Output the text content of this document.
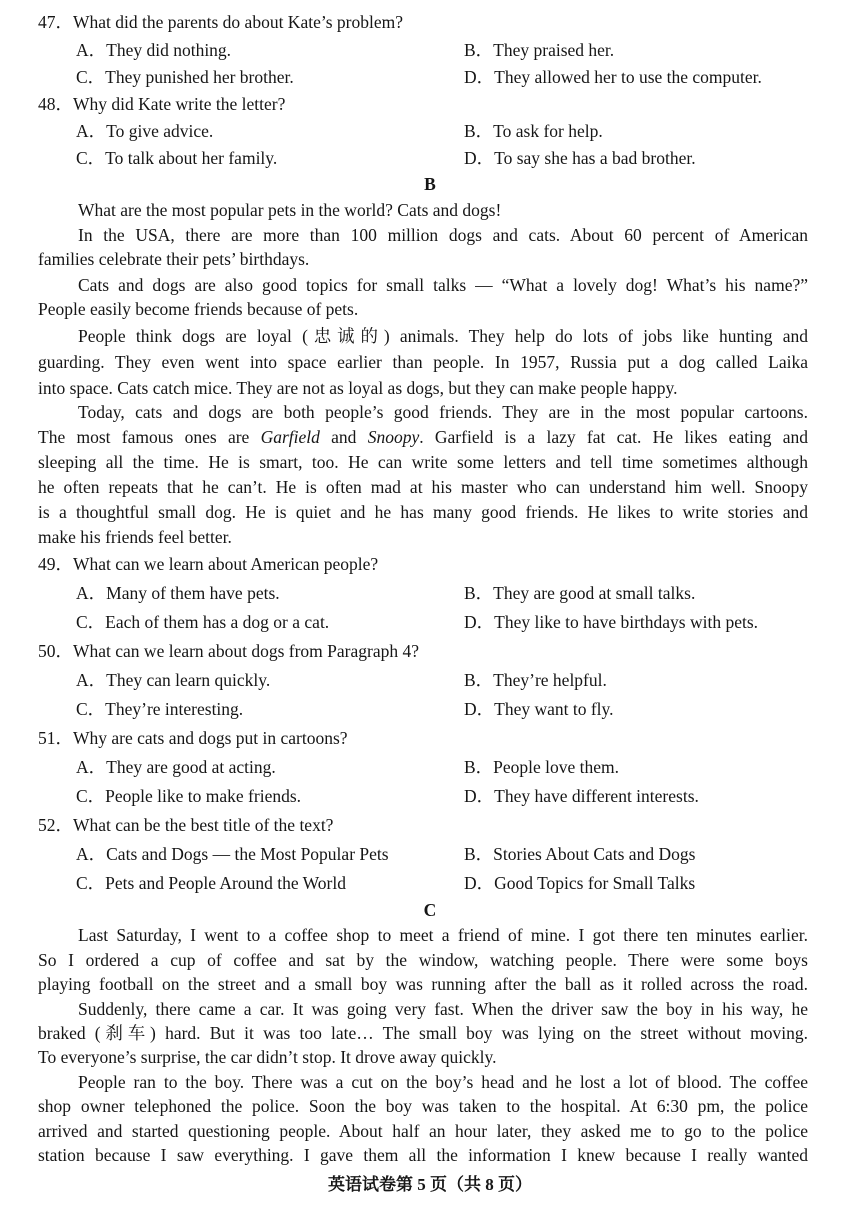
47．What did the parents do about Kate’s problem?
A．They did nothing.	B．They praised her.
C．They punished her brother.	D．They allowed her to use the computer.
48．Why did Kate write the letter?
A．To give advice.	B．To ask for help.
C．To talk about her family.	D．To say she has a bad brother.
B
What are the most popular pets in the world? Cats and dogs!
In the USA, there are more than 100 million dogs and cats. About 60 percent of American
families celebrate their pets’ birthdays.
Cats and dogs are also good topics for small talks — “What a lovely dog! What’s his name?”
People easily become friends because of pets.
People think dogs are loyal (忠诚的) animals. They help do lots of jobs like hunting and
guarding. They even went into space earlier than people. In 1957, Russia put a dog called Laika
into space. Cats catch mice. They are not as loyal as dogs, but they can make people happy.
Today, cats and dogs are both people’s good friends. They are in the most popular cartoons.
The most famous ones are Garfield and Snoopy. Garfield is a lazy fat cat. He likes eating and
sleeping all the time. He is smart, too. He can write some letters and tell time sometimes although
he often repeats that he can’t. He is often mad at his master who can understand him well. Snoopy
is a thoughtful small dog. He is quiet and he has many good friends. He likes to write stories and
make his friends feel better.
49．What can we learn about American people?
A．Many of them have pets.	B．They are good at small talks.
C．Each of them has a dog or a cat.	D．They like to have birthdays with pets.
50．What can we learn about dogs from Paragraph 4?
A．They can learn quickly.	B．They’re helpful.
C．They’re interesting.	D．They want to fly.
51．Why are cats and dogs put in cartoons?
A．They are good at acting.	B．People love them.
C．People like to make friends.	D．They have different interests.
52．What can be the best title of the text?
A．Cats and Dogs — the Most Popular Pets	B．Stories About Cats and Dogs
C．Pets and People Around the World	D．Good Topics for Small Talks
C
Last Saturday, I went to a coffee shop to meet a friend of mine. I got there ten minutes earlier.
So I ordered a cup of coffee and sat by the window, watching people. There were some boys
playing football on the street and a small boy was running after the ball as it rolled across the road.
Suddenly, there came a car. It was going very fast. When the driver saw the boy in his way, he
braked (刹车) hard. But it was too late… The small boy was lying on the street without moving.
To everyone’s surprise, the car didn’t stop. It drove away quickly.
People ran to the boy. There was a cut on the boy’s head and he lost a lot of blood. The coffee
shop owner telephoned the police. Soon the boy was taken to the hospital. At 6:30 pm, the police
arrived and started questioning people. About half an hour later, they asked me to go to the police
station because I saw everything. I gave them all the information I knew because I really wanted
英语试卷第 5 页（共 8 页）
